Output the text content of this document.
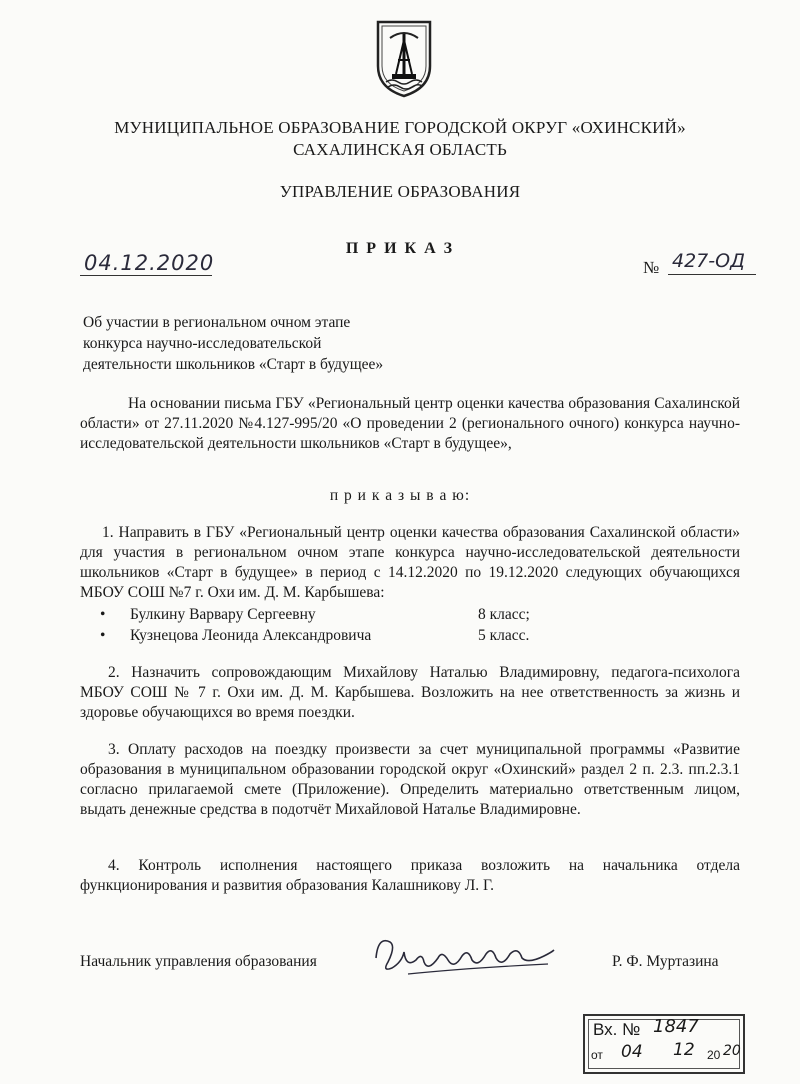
МУНИЦИПАЛЬНОЕ ОБРАЗОВАНИЕ ГОРОДСКОЙ ОКРУГ «ОХИНСКИЙ»
САХАЛИНСКАЯ ОБЛАСТЬ
УПРАВЛЕНИЕ ОБРАЗОВАНИЯ
П Р И К А З
04.12.2020	№ 427-ОД
Об участии в региональном очном этапе
конкурса научно-исследовательской
деятельности школьников «Старт в будущее»
На основании письма ГБУ «Региональный центр оценки качества образования Сахалинской области» от 27.11.2020 №4.127-995/20 «О проведении 2 (регионального очного) конкурса научно-исследовательской деятельности школьников «Старт в будущее»,
п р и к а з ы в а ю:
1. Направить в ГБУ «Региональный центр оценки качества образования Сахалинской области» для участия в региональном очном этапе конкурса научно-исследовательской деятельности школьников «Старт в будущее» в период с 14.12.2020 по 19.12.2020 следующих обучающихся МБОУ СОШ №7 г. Охи им. Д. М. Карбышева:
• Булкину Варвару Сергеевну	8 класс;
• Кузнецова Леонида Александровича	5 класс.
2. Назначить сопровождающим Михайлову Наталью Владимировну, педагога-психолога МБОУ СОШ № 7 г. Охи им. Д. М. Карбышева. Возложить на нее ответственность за жизнь и здоровье обучающихся во время поездки.
3. Оплату расходов на поездку произвести за счет муниципальной программы «Развитие образования в муниципальном образовании городской округ «Охинский» раздел 2 п. 2.3. пп.2.3.1 согласно прилагаемой смете (Приложение). Определить материально ответственным лицом, выдать денежные средства в подотчёт Михайловой Наталье Владимировне.
4. Контроль исполнения настоящего приказа возложить на начальника отдела функционирования и развития образования Калашникову Л. Г.
Начальник управления образования	Р. Ф. Муртазина
Вх. № 1847
от 04 12 20 20
